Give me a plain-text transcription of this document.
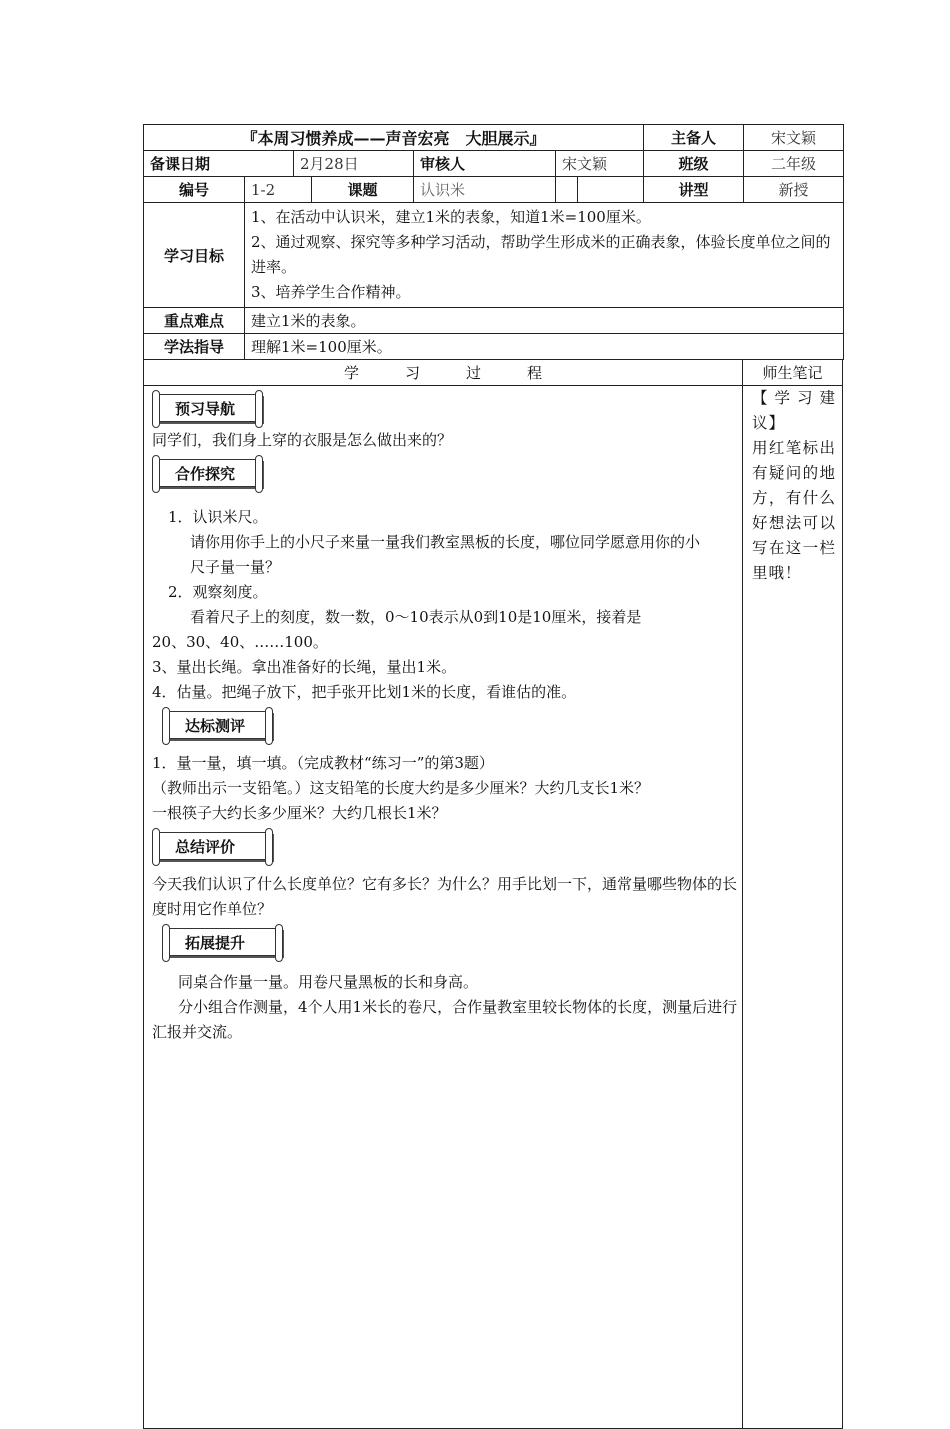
『本周习惯养成——声音宏亮　大胆展示』							主备人	宋文颖
备课日期		2月28日		审核人	宋文颖		班级	二年级
编号	1-2		课题	认识米			讲型	新授
学习目标	1、在活动中认识米，建立1米的表象，知道1米=100厘米。

2、通过观察、探究等多种学习活动，帮助学生形成米的正确表象，体验长度单位之间的进率。

3、培养学生合作精神。							

重点难点	建立1米的表象。							
学法指导	理解1米=100厘米。							
学习过程	师生笔记
预习导航

同学们，我们身上穿的衣服是怎么做出来的？

合作探究

1．认识米尺。

请你用你手上的小尺子来量一量我们教室黑板的长度，哪位同学愿意用你的小尺子量一量？

2．观察刻度。

看着尺子上的刻度，数一数，0～10表示从0到10是10厘米，接着是

20、30、40、……100。

3、量出长绳。拿出准备好的长绳，量出1米。

4．估量。把绳子放下，把手张开比划1米的长度，看谁估的准。

达标测评

1．量一量，填一填。（完成教材“练习一”的第3题）

（教师出示一支铅笔。）这支铅笔的长度大约是多少厘米？大约几支长1米？

一根筷子大约长多少厘米？大约几根长1米？

总结评价

今天我们认识了什么长度单位？它有多长？为什么？用手比划一下，通常量哪些物体的长度时用它作单位？

拓展提升

同桌合作量一量。用卷尺量黑板的长和身高。

分小组合作测量，4个人用1米长的卷尺，合作量教室里较长物体的长度，测量后进行汇报并交流。

【学习建

议】

用红笔标出有疑问的地方，有什么好想法可以写在这一栏

里哦！
